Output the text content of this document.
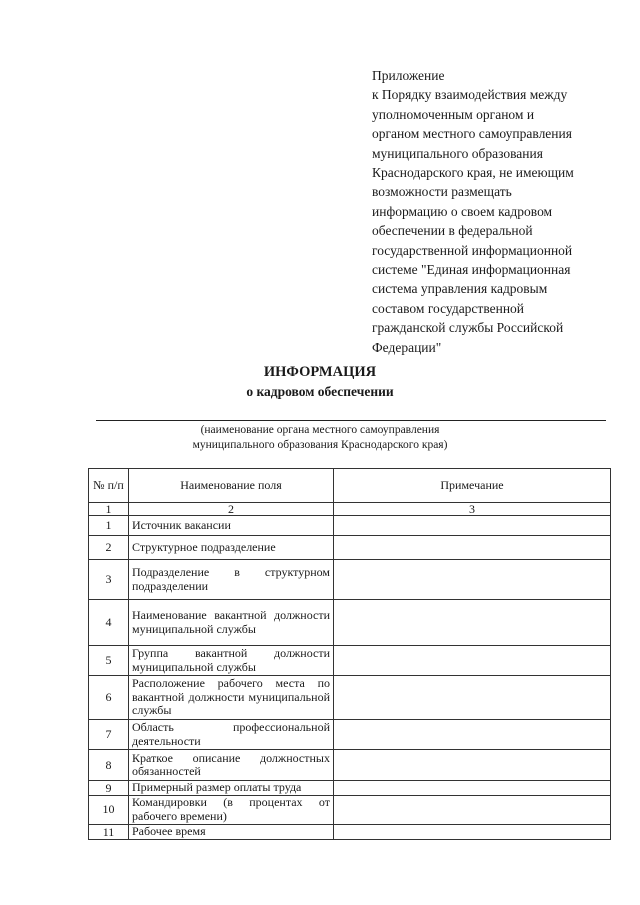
Приложение
к Порядку взаимодействия между
уполномоченным органом и
органом местного самоуправления
муниципального образования
Краснодарского края, не имеющим
возможности размещать
информацию о своем кадровом
обеспечении в федеральной
государственной информационной
системе "Единая информационная
система управления кадровым
составом государственной
гражданской службы Российской
Федерации"
ИНФОРМАЦИЯ
о кадровом обеспечении
(наименование органа местного самоуправления
муниципального образования Краснодарского края)
№ п/п	Наименование поля	Примечание
1	2	3
1	Источник вакансии	
2	Структурное подразделение	
3	Подразделение в структурном подразделении	
4	Наименование вакантной должности муниципальной службы	
5	Группа вакантной должности муниципальной службы	
6	Расположение рабочего места по вакантной должности муниципальной службы	
7	Область профессиональной деятельности	
8	Краткое описание должностных обязанностей	
9	Примерный размер оплаты труда	
10	Командировки (в процентах от рабочего времени)	
11	Рабочее время	
